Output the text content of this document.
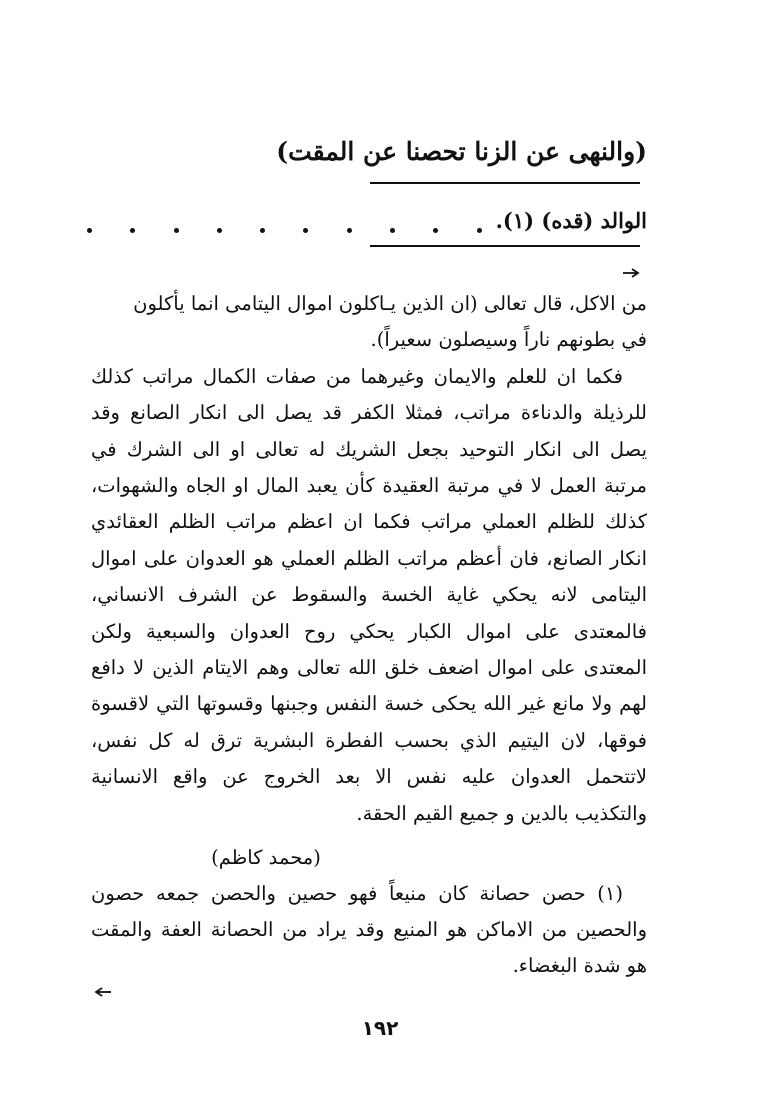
(والنهى عن الزنا تحصنا عن المقت)
الوالد (قده) (١).

من الاكل، قال تعالى (ان الذين يـاكلون اموال اليتامى انما يأكلون

في بطونهم ناراً وسيصلون سعيراً).

فكما ان للعلم والايمان وغيرهما من صفات الكمال مراتب كذلك للرذيلة والدناءة مراتب، فمثلا الكفر قد يصل الى انكار الصانع وقد يصل الى انكار التوحيد بجعل الشريك له تعالى او الى الشرك في مرتبة العمل لا في مرتبة العقيدة كأن يعبد المال او الجاه والشهوات، كذلك للظلم العملي مراتب فكما ان اعظم مراتب الظلم العقائدي انكار الصانع، فان أعظم مراتب الظلم العملي هو العدوان على اموال اليتامى لانه يحكي غاية الخسة والسقوط عن الشرف الانساني، فالمعتدى على اموال الكبار يحكي روح العدوان والسبعية ولكن المعتدى على اموال اضعف خلق الله تعالى وهم الايتام الذين لا دافع لهم ولا مانع غير الله يحكى خسة النفس وجبنها وقسوتها التي لاقسوة فوقها، لان اليتيم الذي بحسب الفطرة البشرية ترق له كل نفس، لاتتحمل العدوان عليه نفس الا بعد الخروج عن واقع الانسانية والتكذيب بالدين و جميع القيم الحقة.

(محمد كاظم)

(١) حصن حصانة كان منيعاً فهو حصين والحصن جمعه حصون والحصين من الاماكن هو المنيع وقد يراد من الحصانة العفة والمقت هو شدة البغضاء.

١٩٢
